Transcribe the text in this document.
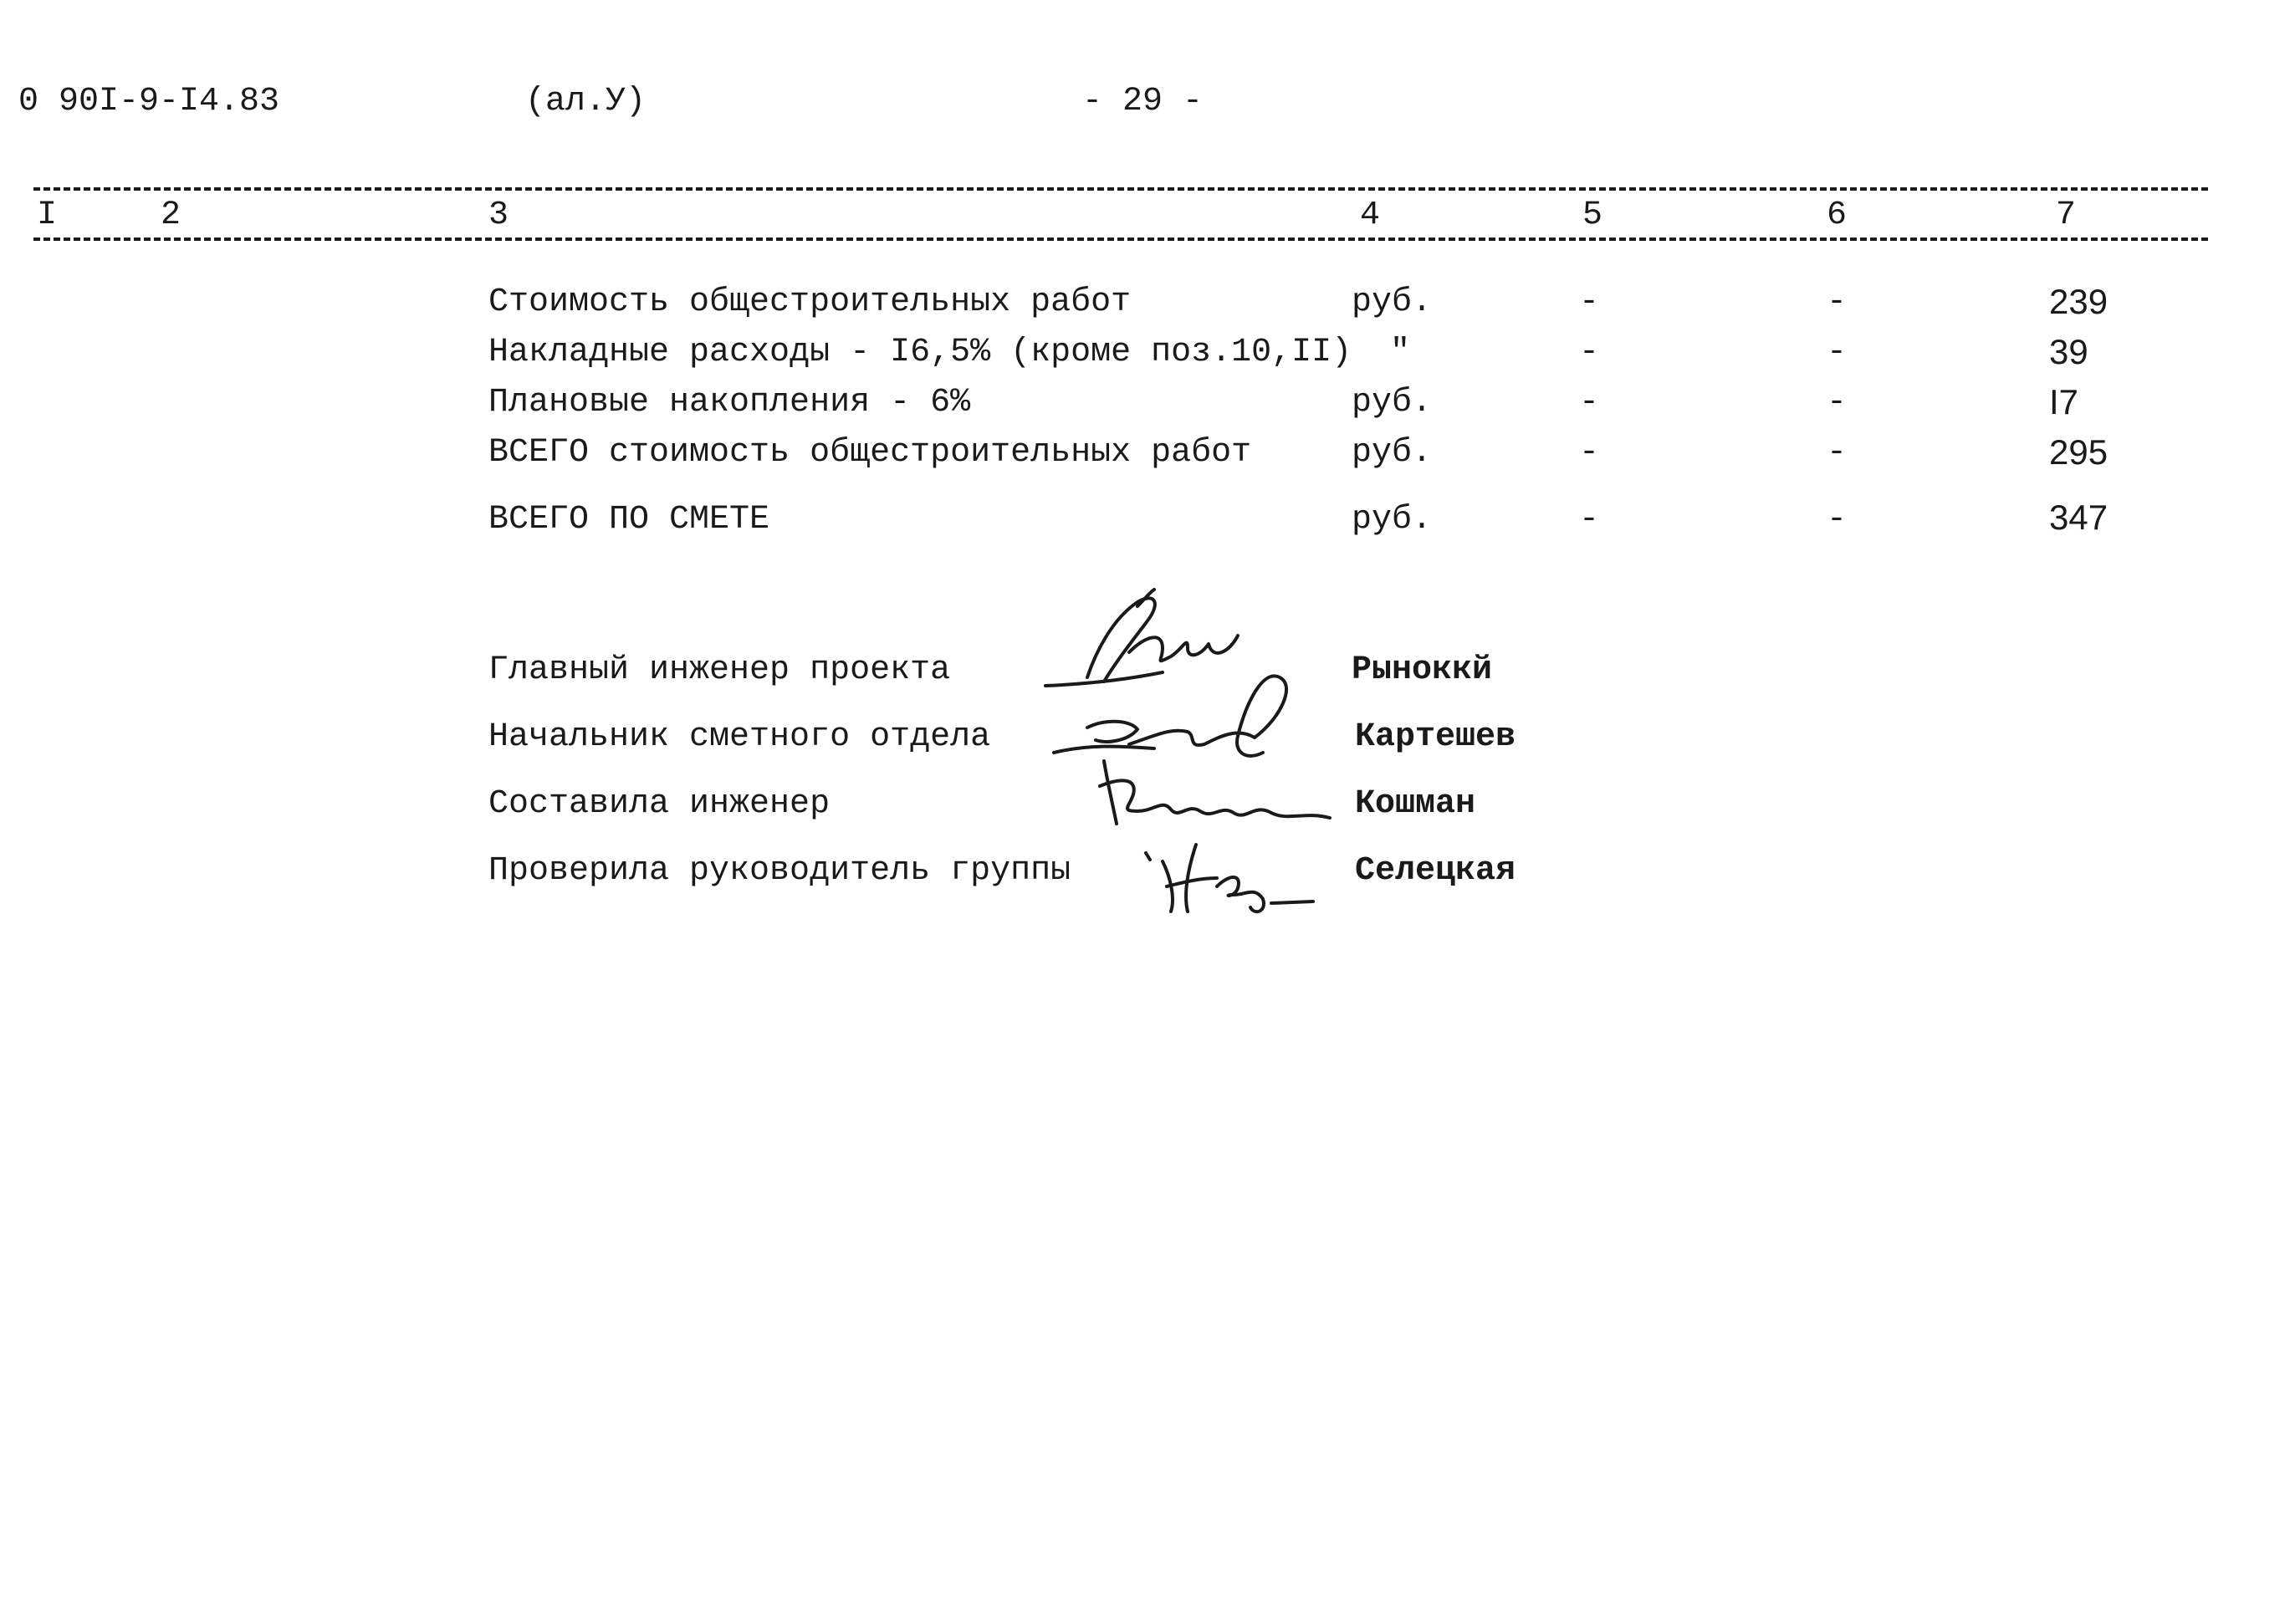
0 90I-9-I4.83	(ал.У)	- 29 -
I	2	3	4	5	6	7
Стоимость общестроительных работ	руб.	-	-	239
Накладные расходы - I6,5% (кроме поз.10,II) "	-	-	39
Плановые накопления - 6%	руб.	-	-	I7
ВСЕГО стоимость общестроительных работ	руб.	-	-	295
ВСЕГО ПО СМЕТЕ	руб.	-	-	347
Главный инженер проекта	Рыноккй
Начальник сметного отдела	Картешев
Составила инженер	Кошман
Проверила руководитель группы	Селецкая
